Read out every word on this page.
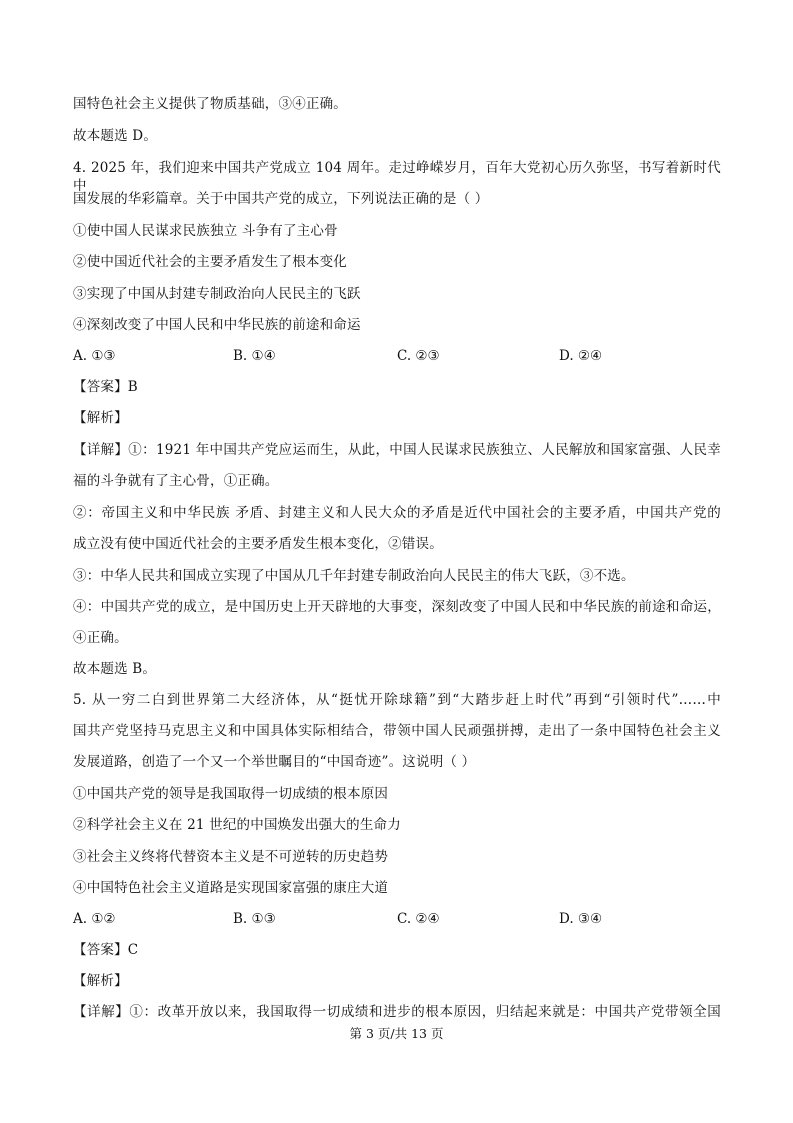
国特色社会主义提供了物质基础，③④正确。
故本题选 D。
4. 2025 年，我们迎来中国共产党成立 104 周年。走过峥嵘岁月，百年大党初心历久弥坚，书写着新时代中
国发展的华彩篇章。关于中国共产党的成立，下列说法正确的是（ ）
①使中国人民谋求民族独立 斗争有了主心骨
②使中国近代社会的主要矛盾发生了根本变化
③实现了中国从封建专制政治向人民民主的飞跃
④深刻改变了中国人民和中华民族的前途和命运
A. ①③	B. ①④	C. ②③	D. ②④
【答案】B
【解析】
【详解】①：1921 年中国共产党应运而生，从此，中国人民谋求民族独立、人民解放和国家富强、人民幸
福的斗争就有了主心骨，①正确。
②：帝国主义和中华民族 矛盾、封建主义和人民大众的矛盾是近代中国社会的主要矛盾，中国共产党的
成立没有使中国近代社会的主要矛盾发生根本变化，②错误。
③：中华人民共和国成立实现了中国从几千年封建专制政治向人民民主的伟大飞跃，③不选。
④：中国共产党的成立，是中国历史上开天辟地的大事变，深刻改变了中国人民和中华民族的前途和命运，
④正确。
故本题选 B。
5. 从一穷二白到世界第二大经济体，从“挺忧开除球籍”到“大踏步赶上时代”再到“引领时代”……中
国共产党坚持马克思主义和中国具体实际相结合，带领中国人民顽强拼搏，走出了一条中国特色社会主义
发展道路，创造了一个又一个举世瞩目的“中国奇迹”。这说明（ ）
①中国共产党的领导是我国取得一切成绩的根本原因
②科学社会主义在 21 世纪的中国焕发出强大的生命力
③社会主义终将代替资本主义是不可逆转的历史趋势
④中国特色社会主义道路是实现国家富强的康庄大道
A. ①②	B. ①③	C. ②④	D. ③④
【答案】C
【解析】
【详解】①：改革开放以来，我国取得一切成绩和进步的根本原因，归结起来就是：中国共产党带领全国
第 3 页/共 13 页
